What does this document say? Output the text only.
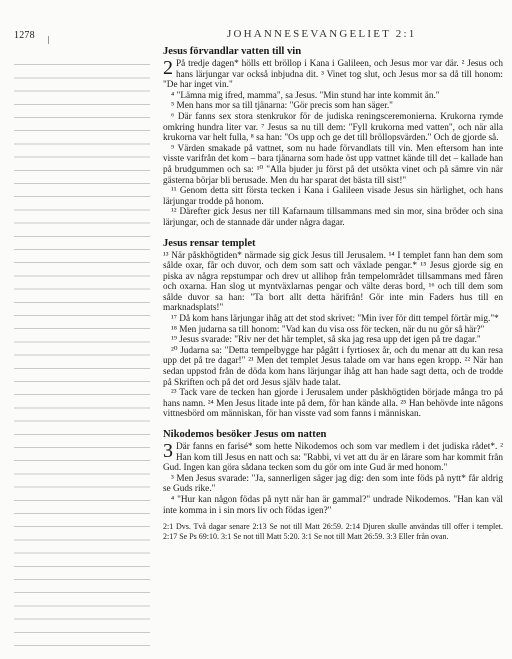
1278	JOHANNESEVANGELIET 2:1
Jesus förvandlar vatten till vin

2 På tredje dagen* hölls ett bröllop i Kana i Galileen, och Jesus mor var där. ² Jesus och hans lärjungar var också inbjudna dit. ³ Vinet tog slut, och Jesus mor sa då till honom: "De har inget vin."

⁴ "Lämna mig ifred, mamma", sa Jesus. "Min stund har inte kommit än."

⁵ Men hans mor sa till tjänarna: "Gör precis som han säger."

⁶ Där fanns sex stora stenkrukor för de judiska reningsceremonierna. Krukorna rymde omkring hundra liter var. ⁷ Jesus sa nu till dem: "Fyll krukorna med vatten", och när alla krukorna var helt fulla, ⁸ sa han: "Os upp och ge det till bröllopsvärden." Och de gjorde så.

⁹ Värden smakade på vattnet, som nu hade förvandlats till vin. Men eftersom han inte visste varifrån det kom – bara tjänarna som hade öst upp vattnet kände till det – kallade han på brudgummen och sa: ¹⁰ "Alla bjuder ju först på det utsökta vinet och på sämre vin när gästerna börjar bli berusade. Men du har sparat det bästa till sist!"

¹¹ Genom detta sitt första tecken i Kana i Galileen visade Jesus sin härlighet, och hans lärjungar trodde på honom.

¹² Därefter gick Jesus ner till Kafarnaum tillsammans med sin mor, sina bröder och sina lärjungar, och de stannade där under några dagar.

Jesus rensar templet

¹³ När påskhögtiden* närmade sig gick Jesus till Jerusalem. ¹⁴ I templet fann han dem som sålde oxar, får och duvor, och dem som satt och växlade pengar.* ¹⁵ Jesus gjorde sig en piska av några repstumpar och drev ut allihop från tempelområdet tillsammans med fåren och oxarna. Han slog ut myntväxlarnas pengar och välte deras bord, ¹⁶ och till dem som sålde duvor sa han: "Ta bort allt detta härifrån! Gör inte min Faders hus till en marknadsplats!"

¹⁷ Då kom hans lärjungar ihåg att det stod skrivet: "Min iver för ditt tempel förtär mig."*

¹⁸ Men judarna sa till honom: "Vad kan du visa oss för tecken, när du nu gör så här?"

¹⁹ Jesus svarade: "Riv ner det här templet, så ska jag resa upp det igen på tre dagar."

²⁰ Judarna sa: "Detta tempelbygge har pågått i fyrtiosex år, och du menar att du kan resa upp det på tre dagar!" ²¹ Men det templet Jesus talade om var hans egen kropp. ²² När han sedan uppstod från de döda kom hans lärjungar ihåg att han hade sagt detta, och de trodde på Skriften och på det ord Jesus själv hade talat.

²³ Tack vare de tecken han gjorde i Jerusalem under påskhögtiden började många tro på hans namn. ²⁴ Men Jesus litade inte på dem, för han kände alla. ²⁵ Han behövde inte någons vittnesbörd om människan, för han visste vad som fanns i människan.

Nikodemos besöker Jesus om natten

3 Där fanns en farisé* som hette Nikodemos och som var medlem i det judiska rådet*. ² Han kom till Jesus en natt och sa: "Rabbi, vi vet att du är en lärare som har kommit från Gud. Ingen kan göra sådana tecken som du gör om inte Gud är med honom."

³ Men Jesus svarade: "Ja, sannerligen säger jag dig: den som inte föds på nytt* får aldrig se Guds rike."

⁴ "Hur kan någon födas på nytt när han är gammal?" undrade Nikodemos. "Han kan väl inte komma in i sin mors liv och födas igen?"

2:1 Dvs. Två dagar senare 2:13 Se not till Matt 26:59. 2:14 Djuren skulle användas till offer i templet. 2:17 Se Ps 69:10. 3:1 Se not till Matt 5:20. 3:1 Se not till Matt 26:59. 3:3 Eller från ovan.
